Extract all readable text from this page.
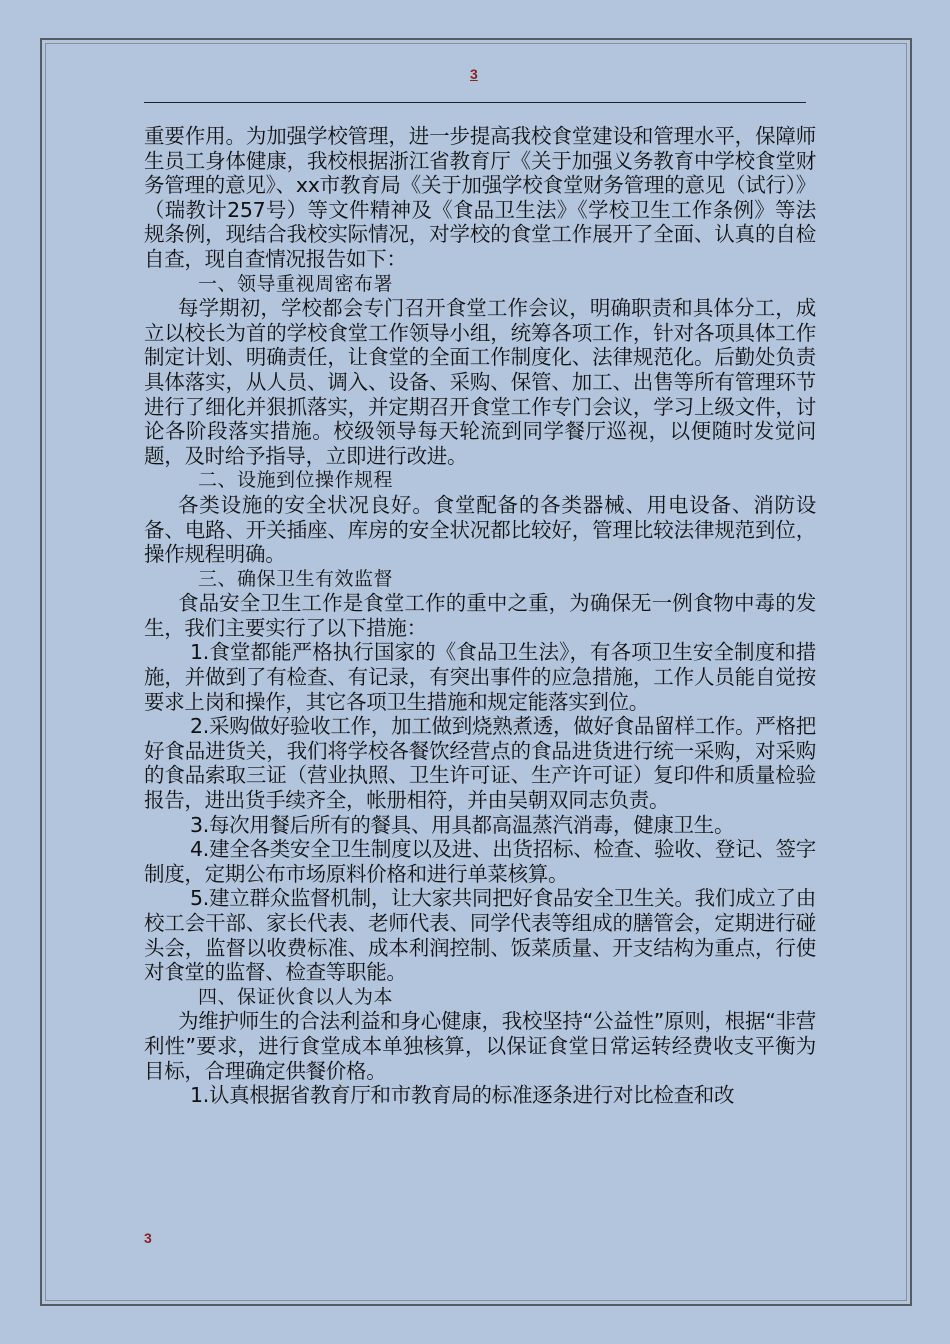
3

重要作用。为加强学校管理，进一步提高我校食堂建设和管理水平，保障师生员工身体健康，我校根据浙江省教育厅《关于加强义务教育中学校食堂财务管理的意见》、xx市教育局《关于加强学校食堂财务管理的意见（试行）》（瑞教计257号）等文件精神及《食品卫生法》《学校卫生工作条例》等法规条例，现结合我校实际情况，对学校的食堂工作展开了全面、认真的自检自查，现自查情况报告如下：

一、领导重视周密布署

每学期初，学校都会专门召开食堂工作会议，明确职责和具体分工，成立以校长为首的学校食堂工作领导小组，统筹各项工作，针对各项具体工作制定计划、明确责任，让食堂的全面工作制度化、法律规范化。后勤处负责具体落实，从人员、调入、设备、采购、保管、加工、出售等所有管理环节进行了细化并狠抓落实，并定期召开食堂工作专门会议，学习上级文件，讨论各阶段落实措施。校级领导每天轮流到同学餐厅巡视，以便随时发觉问题，及时给予指导，立即进行改进。

二、设施到位操作规程

各类设施的安全状况良好。食堂配备的各类器械、用电设备、消防设备、电路、开关插座、库房的安全状况都比较好，管理比较法律规范到位，操作规程明确。

三、确保卫生有效监督

食品安全卫生工作是食堂工作的重中之重，为确保无一例食物中毒的发生，我们主要实行了以下措施：

1.食堂都能严格执行国家的《食品卫生法》，有各项卫生安全制度和措施，并做到了有检查、有记录，有突出事件的应急措施，工作人员能自觉按要求上岗和操作，其它各项卫生措施和规定能落实到位。

2.采购做好验收工作，加工做到烧熟煮透，做好食品留样工作。严格把好食品进货关，我们将学校各餐饮经营点的食品进货进行统一采购，对采购的食品索取三证（营业执照、卫生许可证、生产许可证）复印件和质量检验报告，进出货手续齐全，帐册相符，并由吴朝双同志负责。

3.每次用餐后所有的餐具、用具都高温蒸汽消毒，健康卫生。

4.建全各类安全卫生制度以及进、出货招标、检查、验收、登记、签字制度，定期公布市场原料价格和进行单菜核算。

5.建立群众监督机制，让大家共同把好食品安全卫生关。我们成立了由校工会干部、家长代表、老师代表、同学代表等组成的膳管会，定期进行碰头会，监督以收费标准、成本利润控制、饭菜质量、开支结构为重点，行使对食堂的监督、检查等职能。

四、保证伙食以人为本

为维护师生的合法利益和身心健康，我校坚持“公益性”原则，根据“非营利性”要求，进行食堂成本单独核算，以保证食堂日常运转经费收支平衡为目标，合理确定供餐价格。

1.认真根据省教育厅和市教育局的标准逐条进行对比检查和改

3
